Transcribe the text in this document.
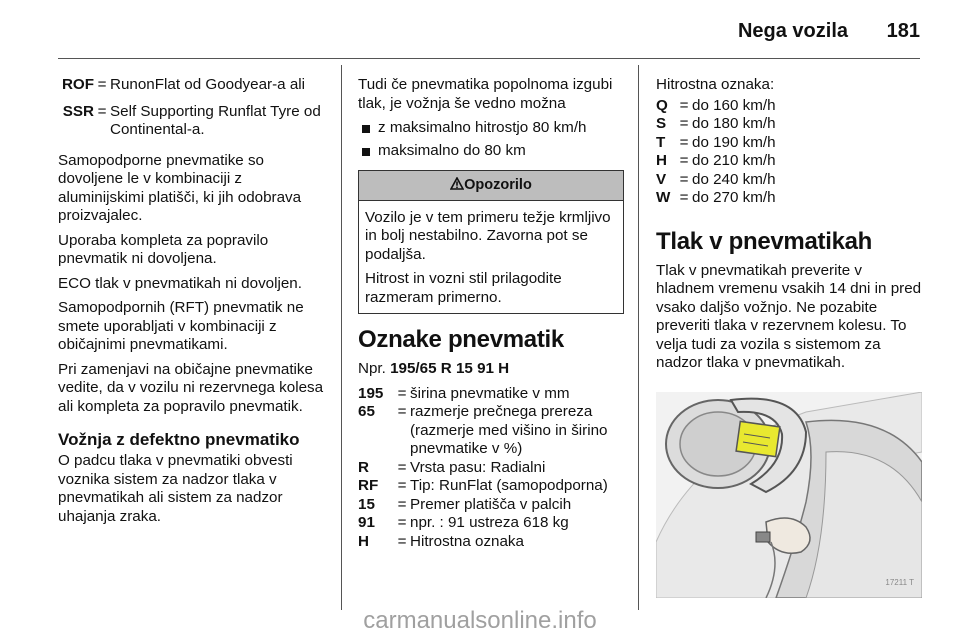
Nega vozila 181
ROF = RunonFlat od Goodyear-a ali
SSR = Self Supporting Runflat Tyre od Continental-a.

Samopodporne pnevmatike so dovoljene le v kombinaciji z aluminijskimi platišči, ki jih odobrava proizvajalec.

Uporaba kompleta za popravilo pnevmatik ni dovoljena.

ECO tlak v pnevmatikah ni dovoljen.

Samopodpornih (RFT) pnevmatik ne smete uporabljati v kombinaciji z običajnimi pnevmatikami.

Pri zamenjavi na običajne pnevmatike vedite, da v vozilu ni rezervnega kolesa ali kompleta za popravilo pnevmatik.

Vožnja z defektno pnevmatiko

O padcu tlaka v pnevmatiki obvesti voznika sistem za nadzor tlaka v pnevmatikah ali sistem za nadzor uhajanja zraka.

Tudi če pnevmatika popolnoma izgubi tlak, je vožnja še vedno možna

z maksimalno hitrostjo 80 km/h
maksimalno do 80 km
Opozorilo

Vozilo je v tem primeru težje krmljivo in bolj nestabilno. Zavorna pot se podaljša.

Hitrost in vozni stil prilagodite razmeram primerno.

Oznake pnevmatik

Npr. 195/65 R 15 91 H

195 = širina pnevmatike v mm
65	= razmerje prečnega prereza (razmerje med višino in širino pnevmatike v %)
R	= Vrsta pasu: Radialni
RF	= Tip: RunFlat (samopodporna)
15	= Premer platišča v palcih
91	= npr. : 91 ustreza 618 kg
H	= Hitrostna oznaka

Hitrostna oznaka:

Q = do 160 km/h
S = do 180 km/h
T = do 190 km/h
H = do 210 km/h
V = do 240 km/h
W = do 270 km/h
Tlak v pnevmatikah

Tlak v pnevmatikah preverite v hladnem vremenu vsakih 14 dni in pred vsako daljšo vožnjo. Ne pozabite preveriti tlaka v rezervnem kolesu. To velja tudi za vozila s sistemom za nadzor tlaka v pnevmatikah.

17211 T
carmanualsonline.info
